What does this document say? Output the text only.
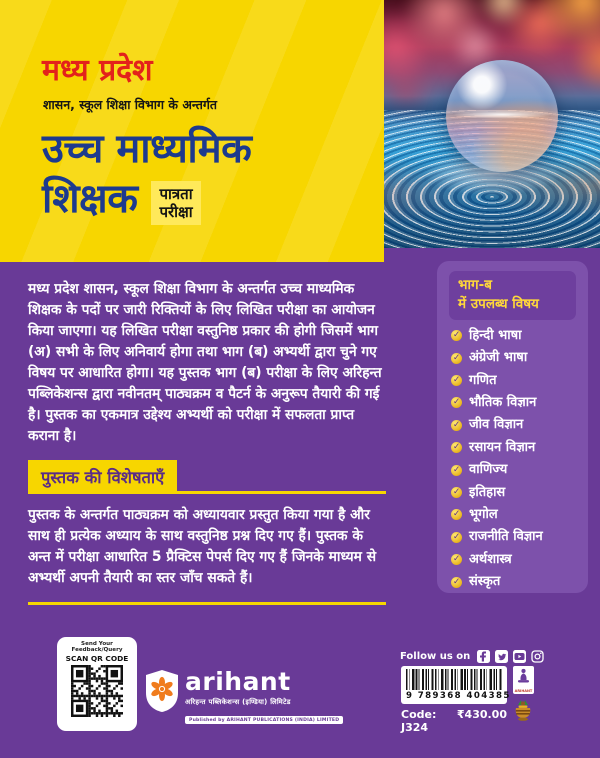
मध्य प्रदेश
शासन, स्कूल शिक्षा विभाग के अन्तर्गत
उच्च माध्यमिक
शिक्षक पात्रता
परीक्षा
मध्य प्रदेश शासन, स्कूल शिक्षा विभाग के अन्तर्गत उच्च माध्यमिक शिक्षक के पदों पर जारी रिक्तियों के लिए लिखित परीक्षा का आयोजन किया जाएगा। यह लिखित परीक्षा वस्तुनिष्ठ प्रकार की होगी जिसमें भाग (अ) सभी के लिए अनिवार्य होगा तथा भाग (ब) अभ्यर्थी द्वारा चुने गए विषय पर आधारित होगा। यह पुस्तक भाग (ब) परीक्षा के लिए अरिहन्त पब्लिकेशन्स द्वारा नवीनतम् पाठ्यक्रम व पैटर्न के अनुरूप तैयारी की गई है। पुस्तक का एकमात्र उद्देश्य अभ्यर्थी को परीक्षा में सफलता प्राप्त कराना है।
पुस्तक की विशेषताएँ
पुस्तक के अन्तर्गत पाठ्यक्रम को अध्यायवार प्रस्तुत किया गया है और साथ ही प्रत्येक अध्याय के साथ वस्तुनिष्ठ प्रश्न दिए गए हैं। पुस्तक के अन्त में परीक्षा आधारित 5 प्रैक्टिस पेपर्स दिए गए हैं जिनके माध्यम से अभ्यर्थी अपनी तैयारी का स्तर जाँच सकते हैं।
भाग-ब
में उपलब्ध विषय
✓ हिन्दी भाषा
✓ अंग्रेजी भाषा
✓ गणित
✓ भौतिक विज्ञान
✓ जीव विज्ञान
✓ रसायन विज्ञान
✓ वाणिज्य
✓ इतिहास
✓ भूगोल
✓ राजनीति विज्ञान
✓ अर्थशास्त्र
✓ संस्कृत
Send Your Feedback/Query
SCAN QR CODE
arihant
अरिहन्त पब्लिकेशन्स (इण्डिया) लिमिटेड
Published by ARIHANT PUBLICATIONS (INDIA) LIMITED
Follow us on
9 789368 404385
Code: J324
₹430.00
ARIHANT
